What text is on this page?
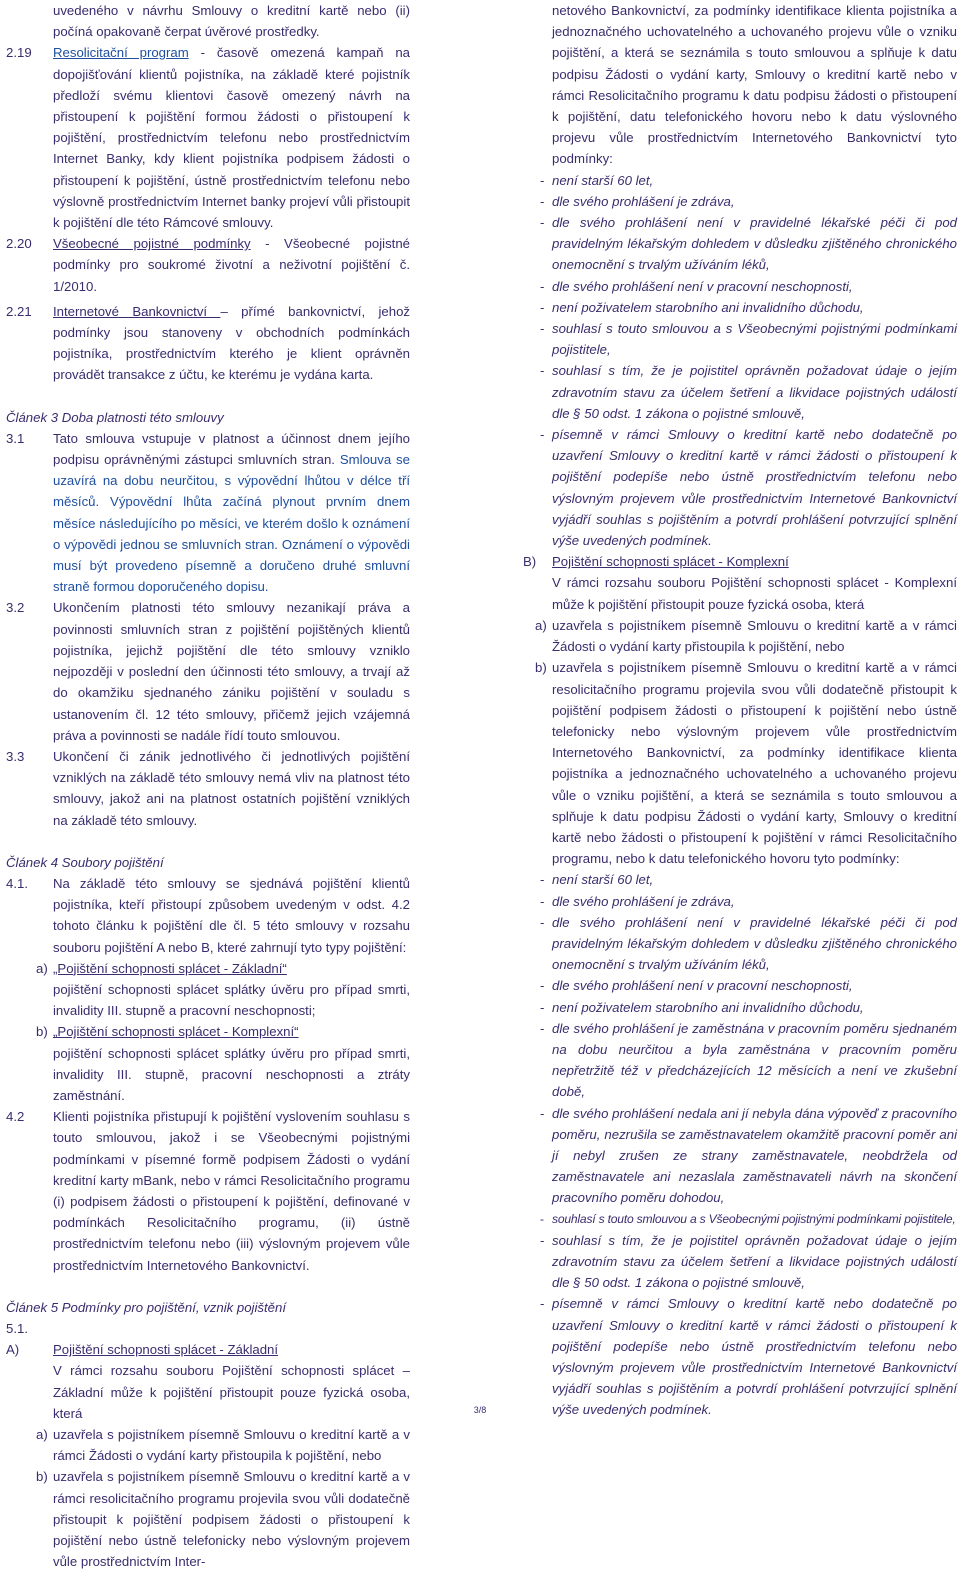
uvedeného v návrhu Smlouvy o kreditní kartě nebo (ii) počíná opakovaně čerpat úvěrové prostředky.

2.19 Resolicitační program - časově omezená kampaň na dopojišťování klientů pojistníka, na základě které pojistník předloží svému klientovi časově omezený návrh na přistoupení k pojištění formou žádosti o přistoupení k pojištění, prostřednictvím telefonu nebo prostřednictvím Internet Banky, kdy klient pojistníka podpisem žádosti o přistoupení k pojištění, ústně prostřednictvím telefonu nebo výslovně prostřednictvím Internet banky projeví vůli přistoupit k pojištění dle této Rámcové smlouvy.
2.20 Všeobecné pojistné podmínky - Všeobecné pojistné podmínky pro soukromé životní a neživotní pojištění č. 1/2010.
2.21 Internetové Bankovnictví – přímé bankovnictví, jehož podmínky jsou stanoveny v obchodních podmínkách pojistníka, prostřednictvím kterého je klient oprávněn provádět transakce z účtu, ke kterému je vydána karta.

Článek 3 Doba platnosti této smlouvy

3.1 Tato smlouva vstupuje v platnost a účinnost dnem jejího podpisu oprávněnými zástupci smluvních stran. Smlouva se uzavírá na dobu neurčitou, s výpovědní lhůtou v délce tří měsíců. Výpovědní lhůta začíná plynout prvním dnem měsíce následujícího po měsíci, ve kterém došlo k oznámení o výpovědi jednou se smluvních stran. Oznámení o výpovědi musí být provedeno písemně a doručeno druhé smluvní straně formou doporučeného dopisu.
3.2 Ukončením platnosti této smlouvy nezanikají práva a povinnosti smluvních stran z pojištění pojištěných klientů pojistníka, jejichž pojištění dle této smlouvy vzniklo nejpozději v poslední den účinnosti této smlouvy, a trvají až do okamžiku sjednaného zániku pojištění v souladu s ustanovením čl. 12 této smlouvy, přičemž jejich vzájemná práva a povinnosti se nadále řídí touto smlouvou.
3.3 Ukončení či zánik jednotlivého či jednotlivých pojištění vzniklých na základě této smlouvy nemá vliv na platnost této smlouvy, jakož ani na platnost ostatních pojištění vzniklých na základě této smlouvy.

Článek 4 Soubory pojištění

4.1. Na základě této smlouvy se sjednává pojištění klientů pojistníka, kteří přistoupí způsobem uvedeným v odst. 4.2 tohoto článku k pojištění dle čl. 5 této smlouvy v rozsahu souboru pojištění A nebo B, které zahrnují tyto typy pojištění:
a) „Pojištění schopnosti splácet - Základní“

pojištění schopnosti splácet splátky úvěru pro případ smrti, invalidity III. stupně a pracovní neschopnosti;

b) „Pojištění schopnosti splácet - Komplexní“

pojištění schopnosti splácet splátky úvěru pro případ smrti, invalidity III. stupně, pracovní neschopnosti a ztráty zaměstnání.

4.2 Klienti pojistníka přistupují k pojištění vyslovením souhlasu s touto smlouvou, jakož i se Všeobecnými pojistnými podmínkami v písemné formě podpisem Žádosti o vydání kreditní karty mBank, nebo v rámci Resolicitačního programu (i) podpisem žádosti o přistoupení k pojištění, definované v podmínkách Resolicitačního programu, (ii) ústně prostřednictvím telefonu nebo (iii) výslovným projevem vůle prostřednictvím Internetového Bankovnictví.

Článek 5 Podmínky pro pojištění, vznik pojištění

5.1.

A)	Pojištění schopnosti splácet - Základní

V rámci rozsahu souboru Pojištění schopnosti splácet – Základní může k pojištění přistoupit pouze fyzická osoba, která

a) uzavřela s pojistníkem písemně Smlouvu o kreditní kartě a v rámci Žádosti o vydání karty přistoupila k pojištění, nebo
b) uzavřela s pojistníkem písemně Smlouvu o kreditní kartě a v rámci resolicitačního programu projevila svou vůli dodatečně přistoupit k pojištění podpisem žádosti o přistoupení k pojištění nebo ústně telefonicky nebo výslovným projevem vůle prostřednictvím Inter-

netového Bankovnictví, za podmínky identifikace klienta pojistníka a jednoznačného uchovatelného a uchovaného projevu vůle o vzniku pojištění, a která se seznámila s touto smlouvou a splňuje k datu podpisu Žádosti o vydání karty, Smlouvy o kreditní kartě nebo v rámci Resolicitačního programu k datu podpisu žádosti o přistoupení k pojištění, datu telefonického hovoru nebo k datu výslovného projevu vůle prostřednictvím Internetového Bankovnictví tyto podmínky:

- není starší 60 let,
- dle svého prohlášení je zdráva,
- dle svého prohlášení není v pravidelné lékařské péči či pod pravidelným lékařským dohledem v důsledku zjištěného chronického onemocnění s trvalým užíváním léků,
- dle svého prohlášení není v pracovní neschopnosti,
- není poživatelem starobního ani invalidního důchodu,
- souhlasí s touto smlouvou a s Všeobecnými pojistnými podmínkami pojistitele,
- souhlasí s tím, že je pojistitel oprávněn požadovat údaje o jejím zdravotním stavu za účelem šetření a likvidace pojistných událostí dle § 50 odst. 1 zákona o pojistné smlouvě,
- písemně v rámci Smlouvy o kreditní kartě nebo dodatečně po uzavření Smlouvy o kreditní kartě v rámci žádosti o přistoupení k pojištění podepíše nebo ústně prostřednictvím telefonu nebo výslovným projevem vůle prostřednictvím Internetové Bankovnictví vyjádří souhlas s pojištěním a potvrdí prohlášení potvrzující splnění výše uvedených podmínek.
B) Pojištění schopnosti splácet - Komplexní

V rámci rozsahu souboru Pojištění schopnosti splácet - Komplexní může k pojištění přistoupit pouze fyzická osoba, která

a) uzavřela s pojistníkem písemně Smlouvu o kreditní kartě a v rámci Žádosti o vydání karty přistoupila k pojištění, nebo
b) uzavřela s pojistníkem písemně Smlouvu o kreditní kartě a v rámci resolicitačního programu projevila svou vůli dodatečně přistoupit k pojištění podpisem žádosti o přistoupení k pojištění nebo ústně telefonicky nebo výslovným projevem vůle prostřednictvím Internetového Bankovnictví, za podmínky identifikace klienta pojistníka a jednoznačného uchovatelného a uchovaného projevu vůle o vzniku pojištění, a která se seznámila s touto smlouvou a splňuje k datu podpisu Žádosti o vydání karty, Smlouvy o kreditní kartě nebo žádosti o přistoupení k pojištění v rámci Resolicitačního programu, nebo k datu telefonického hovoru tyto podmínky:
- není starší 60 let,
- dle svého prohlášení je zdráva,
- dle svého prohlášení není v pravidelné lékařské péči či pod pravidelným lékařským dohledem v důsledku zjištěného chronického onemocnění s trvalým užíváním léků,
- dle svého prohlášení není v pracovní neschopnosti,
- není poživatelem starobního ani invalidního důchodu,
- dle svého prohlášení je zaměstnána v pracovním poměru sjednaném na dobu neurčitou a byla zaměstnána v pracovním poměru nepřetržitě též v předcházejících 12 měsících a není ve zkušební době,
- dle svého prohlášení nedala ani jí nebyla dána výpověď z pracovního poměru, nezrušila se zaměstnavatelem okamžitě pracovní poměr ani jí nebyl zrušen ze strany zaměstnavatele, neobdržela od zaměstnavatele ani nezaslala zaměstnavateli návrh na skončení pracovního poměru dohodou,
- souhlasí s touto smlouvou a s Všeobecnými pojistnými podmínkami pojistitele,
- souhlasí s tím, že je pojistitel oprávněn požadovat údaje o jejím zdravotním stavu za účelem šetření a likvidace pojistných událostí dle § 50 odst. 1 zákona o pojistné smlouvě,
- písemně v rámci Smlouvy o kreditní kartě nebo dodatečně po uzavření Smlouvy o kreditní kartě v rámci žádosti o přistoupení k pojištění podepíše nebo ústně prostřednictvím telefonu nebo výslovným projevem vůle prostřednictvím Internetové Bankovnictví vyjádří souhlas s pojištěním a potvrdí prohlášení potvrzující splnění výše uvedených podmínek.
3/8
